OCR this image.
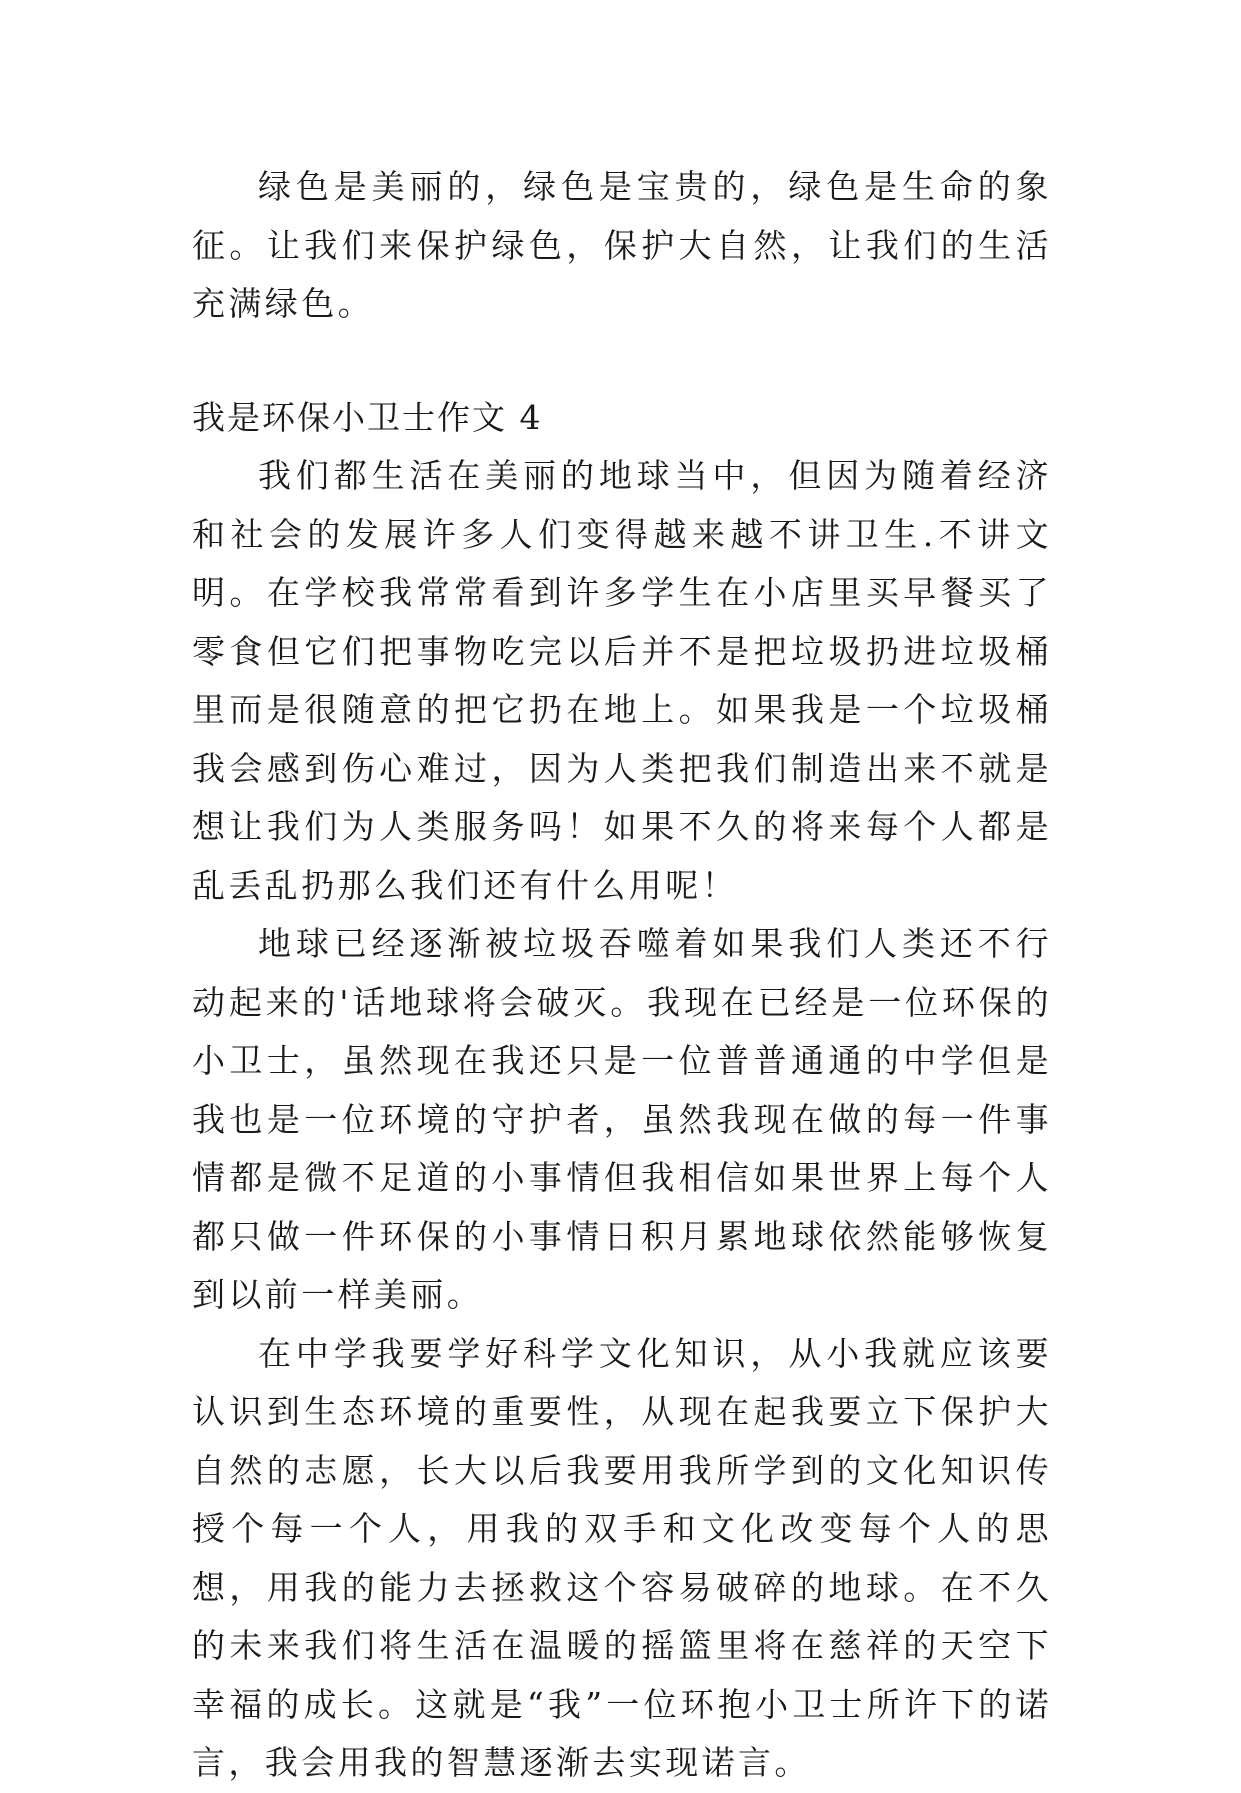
绿色是美丽的，绿色是宝贵的，绿色是生命的象征。让我们来保护绿色，保护大自然，让我们的生活充满绿色。

我是环保小卫士作文 4

我们都生活在美丽的地球当中，但因为随着经济和社会的发展许多人们变得越来越不讲卫生.不讲文明。在学校我常常看到许多学生在小店里买早餐买了零食但它们把事物吃完以后并不是把垃圾扔进垃圾桶里而是很随意的把它扔在地上。如果我是一个垃圾桶我会感到伤心难过，因为人类把我们制造出来不就是想让我们为人类服务吗！如果不久的将来每个人都是乱丢乱扔那么我们还有什么用呢！

地球已经逐渐被垃圾吞噬着如果我们人类还不行动起来的'话地球将会破灭。我现在已经是一位环保的小卫士，虽然现在我还只是一位普普通通的中学但是我也是一位环境的守护者，虽然我现在做的每一件事情都是微不足道的小事情但我相信如果世界上每个人都只做一件环保的小事情日积月累地球依然能够恢复到以前一样美丽。

在中学我要学好科学文化知识，从小我就应该要认识到生态环境的重要性，从现在起我要立下保护大自然的志愿，长大以后我要用我所学到的文化知识传授个每一个人，用我的双手和文化改变每个人的思想，用我的能力去拯救这个容易破碎的地球。在不久的未来我们将生活在温暖的摇篮里将在慈祥的天空下幸福的成长。这就是“我”一位环抱小卫士所许下的诺言，我会用我的智慧逐渐去实现诺言。
